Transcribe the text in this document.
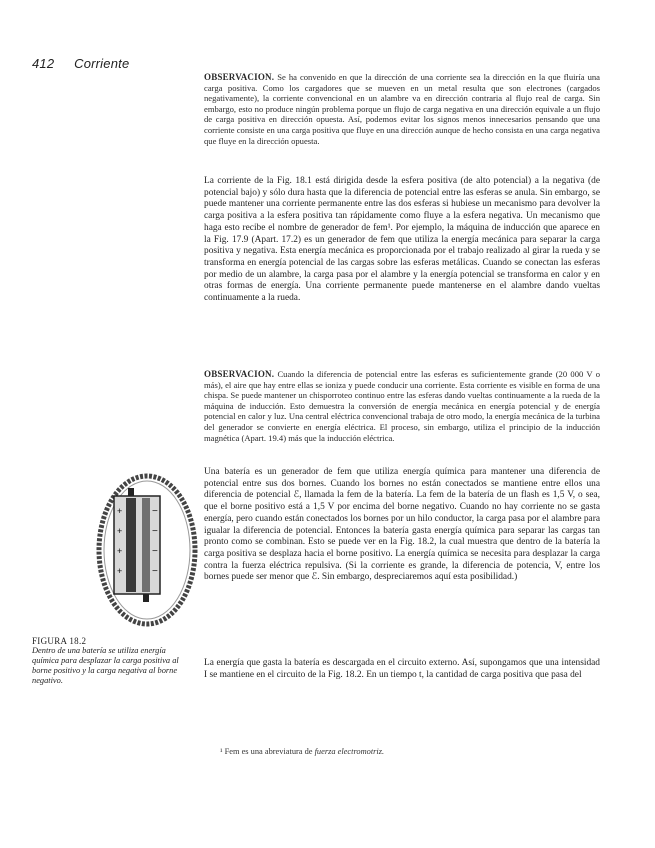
412 Corriente

OBSERVACION. Se ha convenido en que la dirección de una corriente sea la dirección en la que fluiría una carga positiva. Como los cargadores que se mueven en un metal resulta que son electrones (cargados negativamente), la corriente convencional en un alambre va en dirección contraria al flujo real de carga. Sin embargo, esto no produce ningún problema porque un flujo de carga negativa en una dirección equivale a un flujo de carga positiva en dirección opuesta. Así, podemos evitar los signos menos innecesarios pensando que una corriente consiste en una carga positiva que fluye en una dirección aunque de hecho consista en una carga negativa que fluye en la dirección opuesta.

La corriente de la Fig. 18.1 está dirigida desde la esfera positiva (de alto potencial) a la negativa (de potencial bajo) y sólo dura hasta que la diferencia de potencial entre las esferas se anula. Sin embargo, se puede mantener una corriente permanente entre las dos esferas si hubiese un mecanismo para devolver la carga positiva a la esfera positiva tan rápidamente como fluye a la esfera negativa. Un mecanismo que haga esto recibe el nombre de generador de fem¹. Por ejemplo, la máquina de inducción que aparece en la Fig. 17.9 (Apart. 17.2) es un generador de fem que utiliza la energía mecánica para separar la carga positiva y negativa. Esta energía mecánica es proporcionada por el trabajo realizado al girar la rueda y se transforma en energía potencial de las cargas sobre las esferas metálicas. Cuando se conectan las esferas por medio de un alambre, la carga pasa por el alambre y la energía potencial se transforma en calor y en otras formas de energía. Una corriente permanente puede mantenerse en el alambre dando vueltas continuamente a la rueda.

OBSERVACION. Cuando la diferencia de potencial entre las esferas es suficientemente grande (20 000 V o más), el aire que hay entre ellas se ioniza y puede conducir una corriente. Esta corriente es visible en forma de una chispa. Se puede mantener un chisporroteo continuo entre las esferas dando vueltas continuamente a la rueda de la máquina de inducción. Esto demuestra la conversión de energía mecánica en energía potencial y de energía potencial en calor y luz. Una central eléctrica convencional trabaja de otro modo, la energía mecánica de la turbina del generador se convierte en energía eléctrica. El proceso, sin embargo, utiliza el principio de la inducción magnética (Apart. 19.4) más que la inducción eléctrica.

Una batería es un generador de fem que utiliza energía química para mantener una diferencia de potencial entre sus dos bornes. Cuando los bornes no están conectados se mantiene entre ellos una diferencia de potencial ℰ, llamada la fem de la batería. La fem de la batería de un flash es 1,5 V, o sea, que el borne positivo está a 1,5 V por encima del borne negativo. Cuando no hay corriente no se gasta energía, pero cuando están conectados los bornes por un hilo conductor, la carga pasa por el alambre para igualar la diferencia de potencial. Entonces la batería gasta energía química para separar las cargas tan pronto como se combinan. Esto se puede ver en la Fig. 18.2, la cual muestra que dentro de la batería la carga positiva se desplaza hacia el borne positivo. La energía química se necesita para desplazar la carga contra la fuerza eléctrica repulsiva. (Si la corriente es grande, la diferencia de potencia, V, entre los bornes puede ser menor que ℰ. Sin embargo, despreciaremos aquí esta posibilidad.)

La energía que gasta la batería es descargada en el circuito externo. Así, supongamos que una intensidad I se mantiene en el circuito de la Fig. 18.2. En un tiempo t, la cantidad de carga positiva que pasa del

+
+
+
+
−
−
−
−
FIGURA 18.2
Dentro de una batería se utiliza energía química para desplazar la carga positiva al borne positivo y la carga negativa al borne negativo.
¹ Fem es una abreviatura de fuerza electromotriz.
